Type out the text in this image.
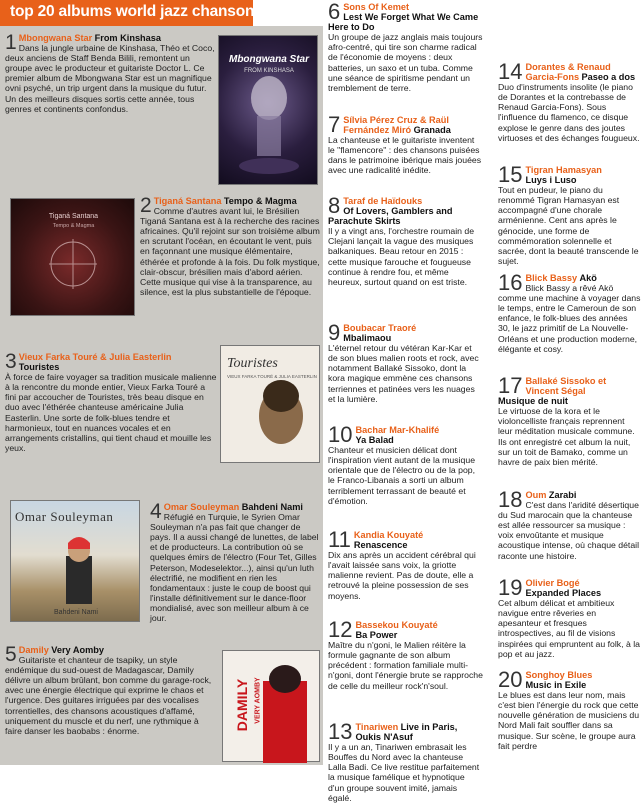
top 20 albums world jazz chanson
1 Mbongwana Star From Kinshasa
Dans la jungle urbaine de Kinshasa, Théo et Coco, deux anciens de Staff Benda Bilili, remontent un groupe avec le producteur et guitariste Doctor L. Ce premier album de Mbongwana Star est un magnifique ovni psyché, un trip urgent dans la musique du futur. Un des meilleurs disques sortis cette année, tous genres et continents confondus.
Mbongwana Star
FROM KINSHASA
Tiganá Santana
Tempo & Magma
2 Tiganá Santana Tempo & Magma
Comme d'autres avant lui, le Brésilien Tiganá Santana est à la recherche des racines africaines. Qu'il rejoint sur son troisième album en scrutant l'océan, en écoutant le vent, puis en façonnant une musique élémentaire, éthérée et profonde à la fois. Du folk mystique, clair-obscur, brésilien mais d'abord aérien. Cette musique qui vise à la transparence, au silence, est la plus substantielle de l'époque.
3 Vieux Farka Touré & Julia Easterlin
Touristes
À force de faire voyager sa tradition musicale malienne à la rencontre du monde entier, Vieux Farka Touré a fini par accoucher de Touristes, très beau disque en duo avec l'éthérée chanteuse américaine Julia Easterlin. Une sorte de folk-blues tendre et harmonieux, tout en nuances vocales et en arrangements cristallins, qui tient chaud et mouille les yeux.
Touristes
VIEUX FARKA TOURÉ & JULIA EASTERLIN
Omar Souleyman
Bahdeni Nami
4 Omar Souleyman Bahdeni Nami
Réfugié en Turquie, le Syrien Omar Souleyman n'a pas fait que changer de pays. Il a aussi changé de lunettes, de label et de producteurs. La contribution où se quelques émirs de l'électro (Four Tet, Gilles Peterson, Modeselektor...), ainsi qu'un luth électrifié, ne modifient en rien les fondamentaux : juste le coup de boost qui l'installe définitivement sur le dance-floor mondialisé, avec son meilleur album à ce jour.
5 Damily Very Aomby
Guitariste et chanteur de tsapiky, un style endémique du sud-ouest de Madagascar, Damily délivre un album brûlant, bon comme du garage-rock, avec une énergie électrique qui exprime le chaos et l'urgence. Des guitares irriguées par des vocalises torrentielles, des chansons acoustiques d'affamé, uniquement du muscle et du nerf, une rythmique à faire danser les baobabs : énorme.	DAMILY VERY AOMBY
6 Sons Of Kemet
Lest We Forget What We Came Here to Do
Un groupe de jazz anglais mais toujours afro-centré, qui tire son charme radical de l'économie de moyens : deux batteries, un saxo et un tuba. Comme une séance de spiritisme pendant un tremblement de terre.
7 Sílvia Pérez Cruz & Raül Fernández Miró Granada
La chanteuse et le guitariste inventent le "flamencore" : des chansons puisées dans le patrimoine ibérique mais jouées avec une radicalité inédite.
8 Taraf de Haïdouks
Of Lovers, Gamblers and Parachute Skirts
Il y a vingt ans, l'orchestre roumain de Clejani lançait la vague des musiques balkaniques. Beau retour en 2015 : cette musique farouche et fougueuse continue à rendre fou, et même heureux, surtout quand on est triste.
9 Boubacar Traoré
Mbalimaou
L'éternel retour du vétéran Kar-Kar et de son blues malien roots et rock, avec notamment Ballaké Sissoko, dont la kora magique emmène ces chansons terriennes et patinées vers les nuages et la lumière.
10 Bachar Mar-Khalifé
Ya Balad
Chanteur et musicien délicat dont l'inspiration vient autant de la musique orientale que de l'électro ou de la pop, le Franco-Libanais a sorti un album terriblement terrassant de beauté et d'émotion.
11 Kandia Kouyaté
Renascence
Dix ans après un accident cérébral qui l'avait laissée sans voix, la griotte malienne revient. Pas de doute, elle a retrouvé la pleine possession de ses moyens.
12 Bassekou Kouyaté
Ba Power
Maître du n'goni, le Malien réitère la formule gagnante de son album précédent : formation familiale multi-n'goni, dont l'énergie brute se rapproche de celle du meilleur rock'n'soul.
13 Tinariwen Live in Paris, Oukis N'Asuf
Il y a un an, Tinariwen embrasait les Bouffes du Nord avec la chanteuse Lalla Badi. Ce live restitue parfaitement la musique famélique et hypnotique d'un groupe souvent imité, jamais égalé.
14 Dorantes & Renaud Garcia-Fons Paseo a dos
Duo d'instruments insolite (le piano de Dorantes et la contrebasse de Renaud Garcia-Fons). Sous l'influence du flamenco, ce disque explose le genre dans des joutes virtuoses et des échanges fougueux.
15 Tigran Hamasyan
Luys i Luso
Tout en pudeur, le piano du renommé Tigran Hamasyan est accompagné d'une chorale arménienne. Cent ans après le génocide, une forme de commémoration solennelle et sacrée, dont la beauté transcende le sujet.
16 Blick Bassy Akö
Blick Bassy a rêvé Akö comme une machine à voyager dans le temps, entre le Cameroun de son enfance, le folk-blues des années 30, le jazz primitif de La Nouvelle-Orléans et une production moderne, élégante et cosy.
17 Ballaké Sissoko et Vincent Ségal
Musique de nuit
Le virtuose de la kora et le violoncelliste français reprennent leur méditation musicale commune. Ils ont enregistré cet album la nuit, sur un toit de Bamako, comme un havre de paix bien mérité.
18 Oum Zarabi
C'est dans l'aridité désertique du Sud marocain que la chanteuse est allée ressourcer sa musique : voix envoûtante et musique acoustique intense, où chaque détail raconte une histoire.
19 Olivier Bogé
Expanded Places
Cet album délicat et ambitieux navigue entre rêveries en apesanteur et fresques introspectives, au fil de visions inspirées qui empruntent au folk, à la pop et au jazz.
20 Songhoy Blues
Music in Exile
Le blues est dans leur nom, mais c'est bien l'énergie du rock que cette nouvelle génération de musiciens du Nord Mali fait souffler dans sa musique. Sur scène, le groupe aura fait perdre
